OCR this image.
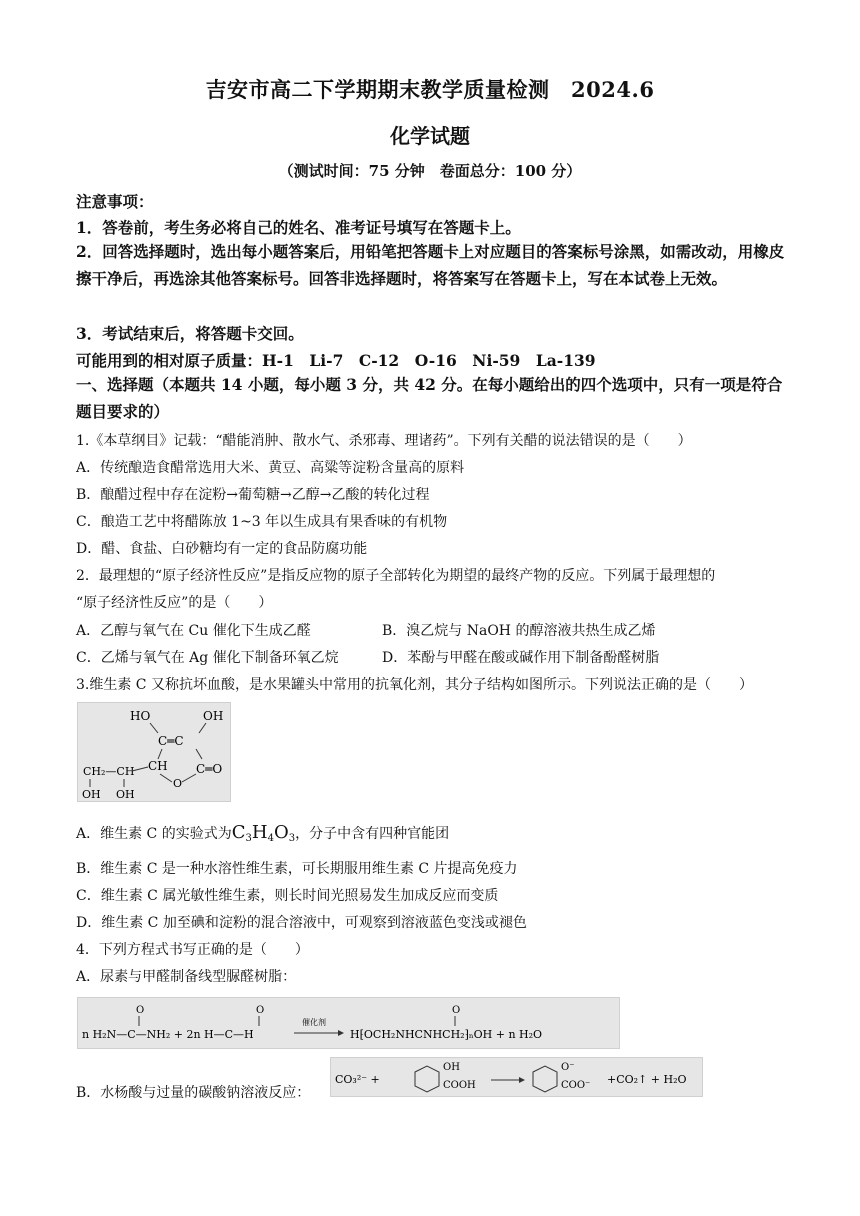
吉安市高二下学期期末教学质量检测　2024.6
化学试题
（测试时间：75 分钟　卷面总分：100 分）
注意事项：
1．答卷前，考生务必将自己的姓名、准考证号填写在答题卡上。
2．回答选择题时，选出每小题答案后，用铅笔把答题卡上对应题目的答案标号涂黑，如需改动，用橡皮擦干净后，再选涂其他答案标号。回答非选择题时，将答案写在答题卡上，写在本试卷上无效。
3．考试结束后，将答题卡交回。
可能用到的相对原子质量：H-1　Li-7　C-12　O-16　Ni-59　La-139
一、选择题（本题共 14 小题，每小题 3 分，共 42 分。在每小题给出的四个选项中，只有一项是符合题目要求的）
1.《本草纲目》记载：“醋能消肿、散水气、杀邪毒、理诸药”。下列有关醋的说法错误的是（　　）
A．传统酿造食醋常选用大米、黄豆、高粱等淀粉含量高的原料
B．酿醋过程中存在淀粉→葡萄糖→乙醇→乙酸的转化过程
C．酿造工艺中将醋陈放 1~3 年以生成具有果香味的有机物
D．醋、食盐、白砂糖均有一定的食品防腐功能
2．最理想的“原子经济性反应”是指反应物的原子全部转化为期望的最终产物的反应。下列属于最理想的
“原子经济性反应”的是（　　）
A．乙醇与氧气在 Cu 催化下生成乙醛	B．溴乙烷与 NaOH 的醇溶液共热生成乙烯
C．乙烯与氧气在 Ag 催化下制备环氧乙烷	D．苯酚与甲醛在酸或碱作用下制备酚醛树脂
3.维生素 C 又称抗坏血酸，是水果罐头中常用的抗氧化剂，其分子结构如图所示。下列说法正确的是（　　）
HO	OH
C═C
CH C═O
O
CH₂—CH
OH OH
A．维生素 C 的实验式为$C_3H_4O_3$，分子中含有四种官能团
B．维生素 C 是一种水溶性维生素，可长期服用维生素 C 片提高免疫力
C．维生素 C 属光敏性维生素，则长时间光照易发生加成反应而变质
D．维生素 C 加至碘和淀粉的混合溶液中，可观察到溶液蓝色变浅或褪色
4．下列方程式书写正确的是（　　）
A．尿素与甲醛制备线型脲醛树脂：
O	O
n H₂N—C—NH₂ + 2n H—C—H
催化剂
O
H⁅OCH₂NHCNHCH₂⁆ₙOH + n H₂O
B．水杨酸与过量的碳酸钠溶液反应：
CO₃²⁻ +
OH
COOH
O⁻
COO⁻ +CO₂↑ + H₂O
